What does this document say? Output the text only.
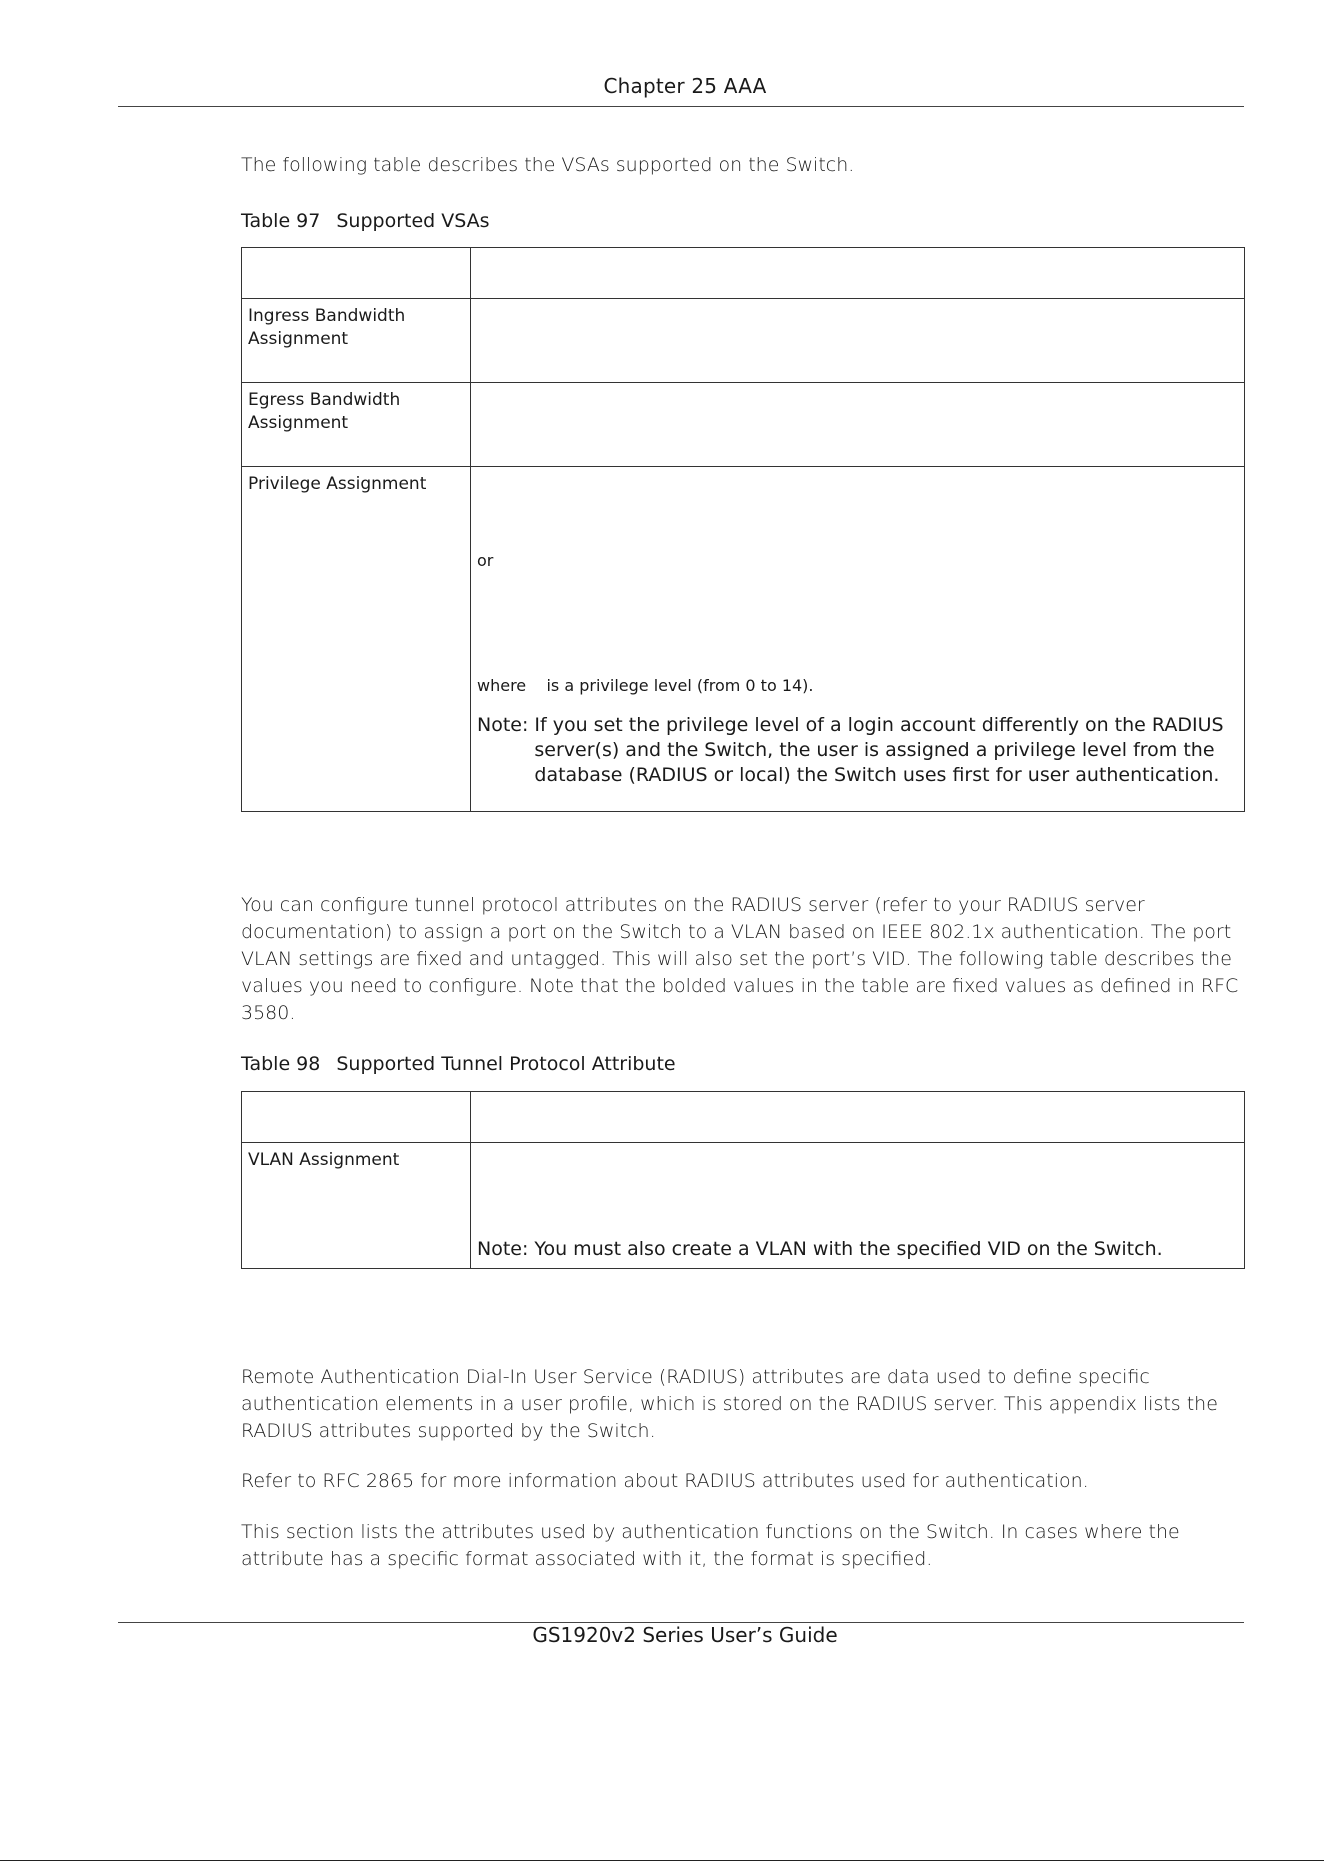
Chapter 25 AAA

The following table describes the VSAs supported on the Switch.

Table 97 Supported VSAs

Ingress Bandwidth Assignment	
Egress Bandwidth Assignment	
Privilege Assignment	or
where    is a privilege level (from 0 to 14).
Note: If you set the privilege level of a login account differently on the RADIUS server(s) and the Switch, the user is assigned a privilege level from the database (RADIUS or local) the Switch uses first for user authentication.

You can configure tunnel protocol attributes on the RADIUS server (refer to your RADIUS server documentation) to assign a port on the Switch to a VLAN based on IEEE 802.1x authentication. The port VLAN settings are fixed and untagged. This will also set the port’s VID. The following table describes the values you need to configure. Note that the bolded values in the table are fixed values as defined in RFC 3580.

Table 98 Supported Tunnel Protocol Attribute

VLAN Assignment	Note: You must also create a VLAN with the specified VID on the Switch.

Remote Authentication Dial-In User Service (RADIUS) attributes are data used to define specific authentication elements in a user profile, which is stored on the RADIUS server. This appendix lists the RADIUS attributes supported by the Switch.

Refer to RFC 2865 for more information about RADIUS attributes used for authentication.

This section lists the attributes used by authentication functions on the Switch. In cases where the attribute has a specific format associated with it, the format is specified.

GS1920v2 Series User’s Guide
